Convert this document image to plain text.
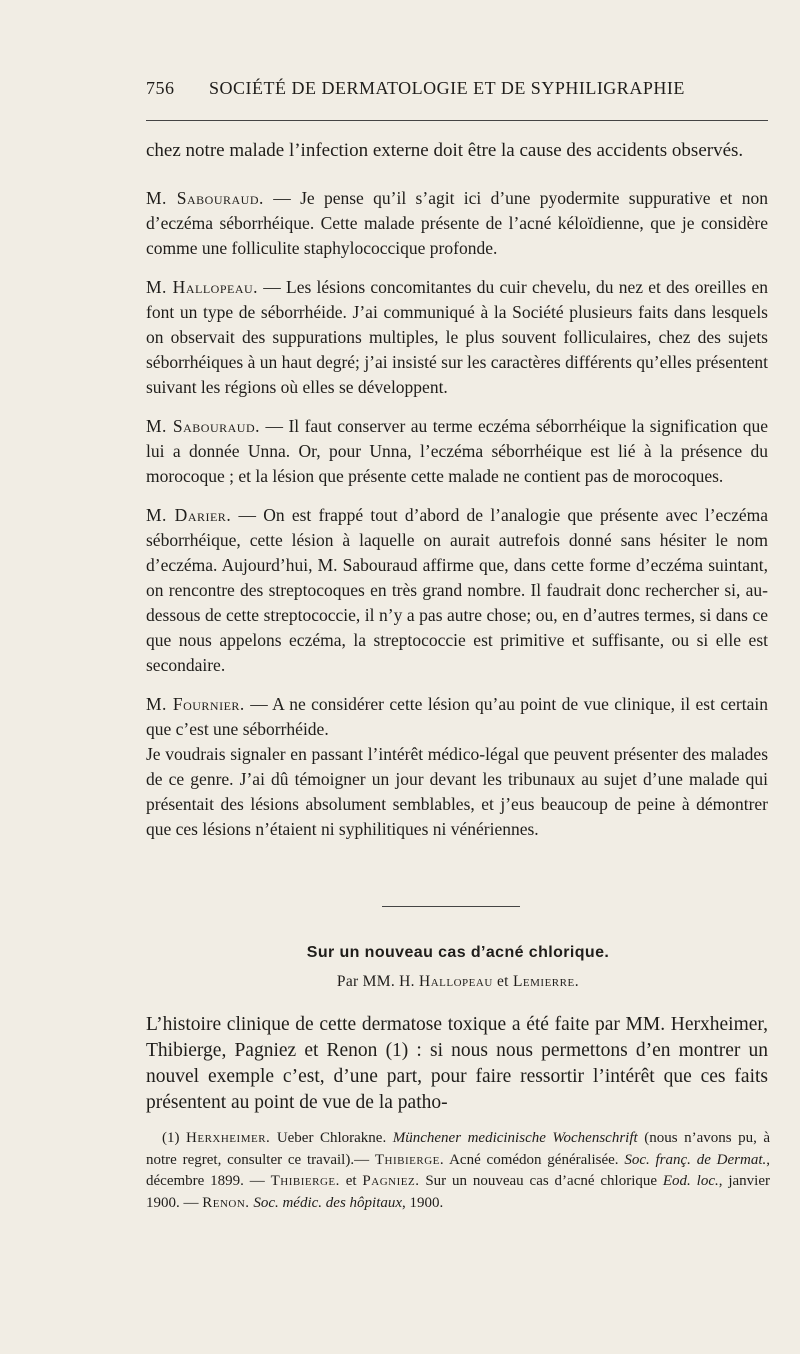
756 SOCIÉTÉ DE DERMATOLOGIE ET DE SYPHILIGRAPHIE

chez notre malade l’infection externe doit être la cause des accidents observés.

M. Sabouraud. — Je pense qu’il s’agit ici d’une pyodermite suppurative et non d’eczéma séborrhéique. Cette malade présente de l’acné kéloïdienne, que je considère comme une folliculite staphylococcique profonde.

M. Hallopeau. — Les lésions concomitantes du cuir chevelu, du nez et des oreilles en font un type de séborrhéide. J’ai communiqué à la Société plusieurs faits dans lesquels on observait des suppurations multiples, le plus souvent folliculaires, chez des sujets séborrhéiques à un haut degré; j’ai insisté sur les caractères différents qu’elles présentent suivant les régions où elles se développent.

M. Sabouraud. — Il faut conserver au terme eczéma séborrhéique la signification que lui a donnée Unna. Or, pour Unna, l’eczéma séborrhéique est lié à la présence du morocoque ; et la lésion que présente cette malade ne contient pas de morocoques.

M. Darier. — On est frappé tout d’abord de l’analogie que présente avec l’eczéma séborrhéique, cette lésion à laquelle on aurait autrefois donné sans hésiter le nom d’eczéma. Aujourd’hui, M. Sabouraud affirme que, dans cette forme d’eczéma suintant, on rencontre des streptocoques en très grand nombre. Il faudrait donc rechercher si, au-dessous de cette streptococcie, il n’y a pas autre chose; ou, en d’autres termes, si dans ce que nous appelons eczéma, la streptococcie est primitive et suffisante, ou si elle est secondaire.

M. Fournier. — A ne considérer cette lésion qu’au point de vue clinique, il est certain que c’est une séborrhéide.

Je voudrais signaler en passant l’intérêt médico-légal que peuvent présenter des malades de ce genre. J’ai dû témoigner un jour devant les tribunaux au sujet d’une malade qui présentait des lésions absolument semblables, et j’eus beaucoup de peine à démontrer que ces lésions n’étaient ni syphilitiques ni vénériennes.

Sur un nouveau cas d’acné chlorique.
Par MM. H. Hallopeau et Lemierre.

L’histoire clinique de cette dermatose toxique a été faite par MM. Herxheimer, Thibierge, Pagniez et Renon (1) : si nous nous permettons d’en montrer un nouvel exemple c’est, d’une part, pour faire ressortir l’intérêt que ces faits présentent au point de vue de la patho-

(1) Herxheimer. Ueber Chlorakne. Münchener medicinische Wochenschrift (nous n’avons pu, à notre regret, consulter ce travail).— Thibierge. Acné comédon généralisée. Soc. franç. de Dermat., décembre 1899. — Thibierge. et Pagniez. Sur un nouveau cas d’acné chlorique Eod. loc., janvier 1900. — Renon. Soc. médic. des hôpitaux, 1900.
